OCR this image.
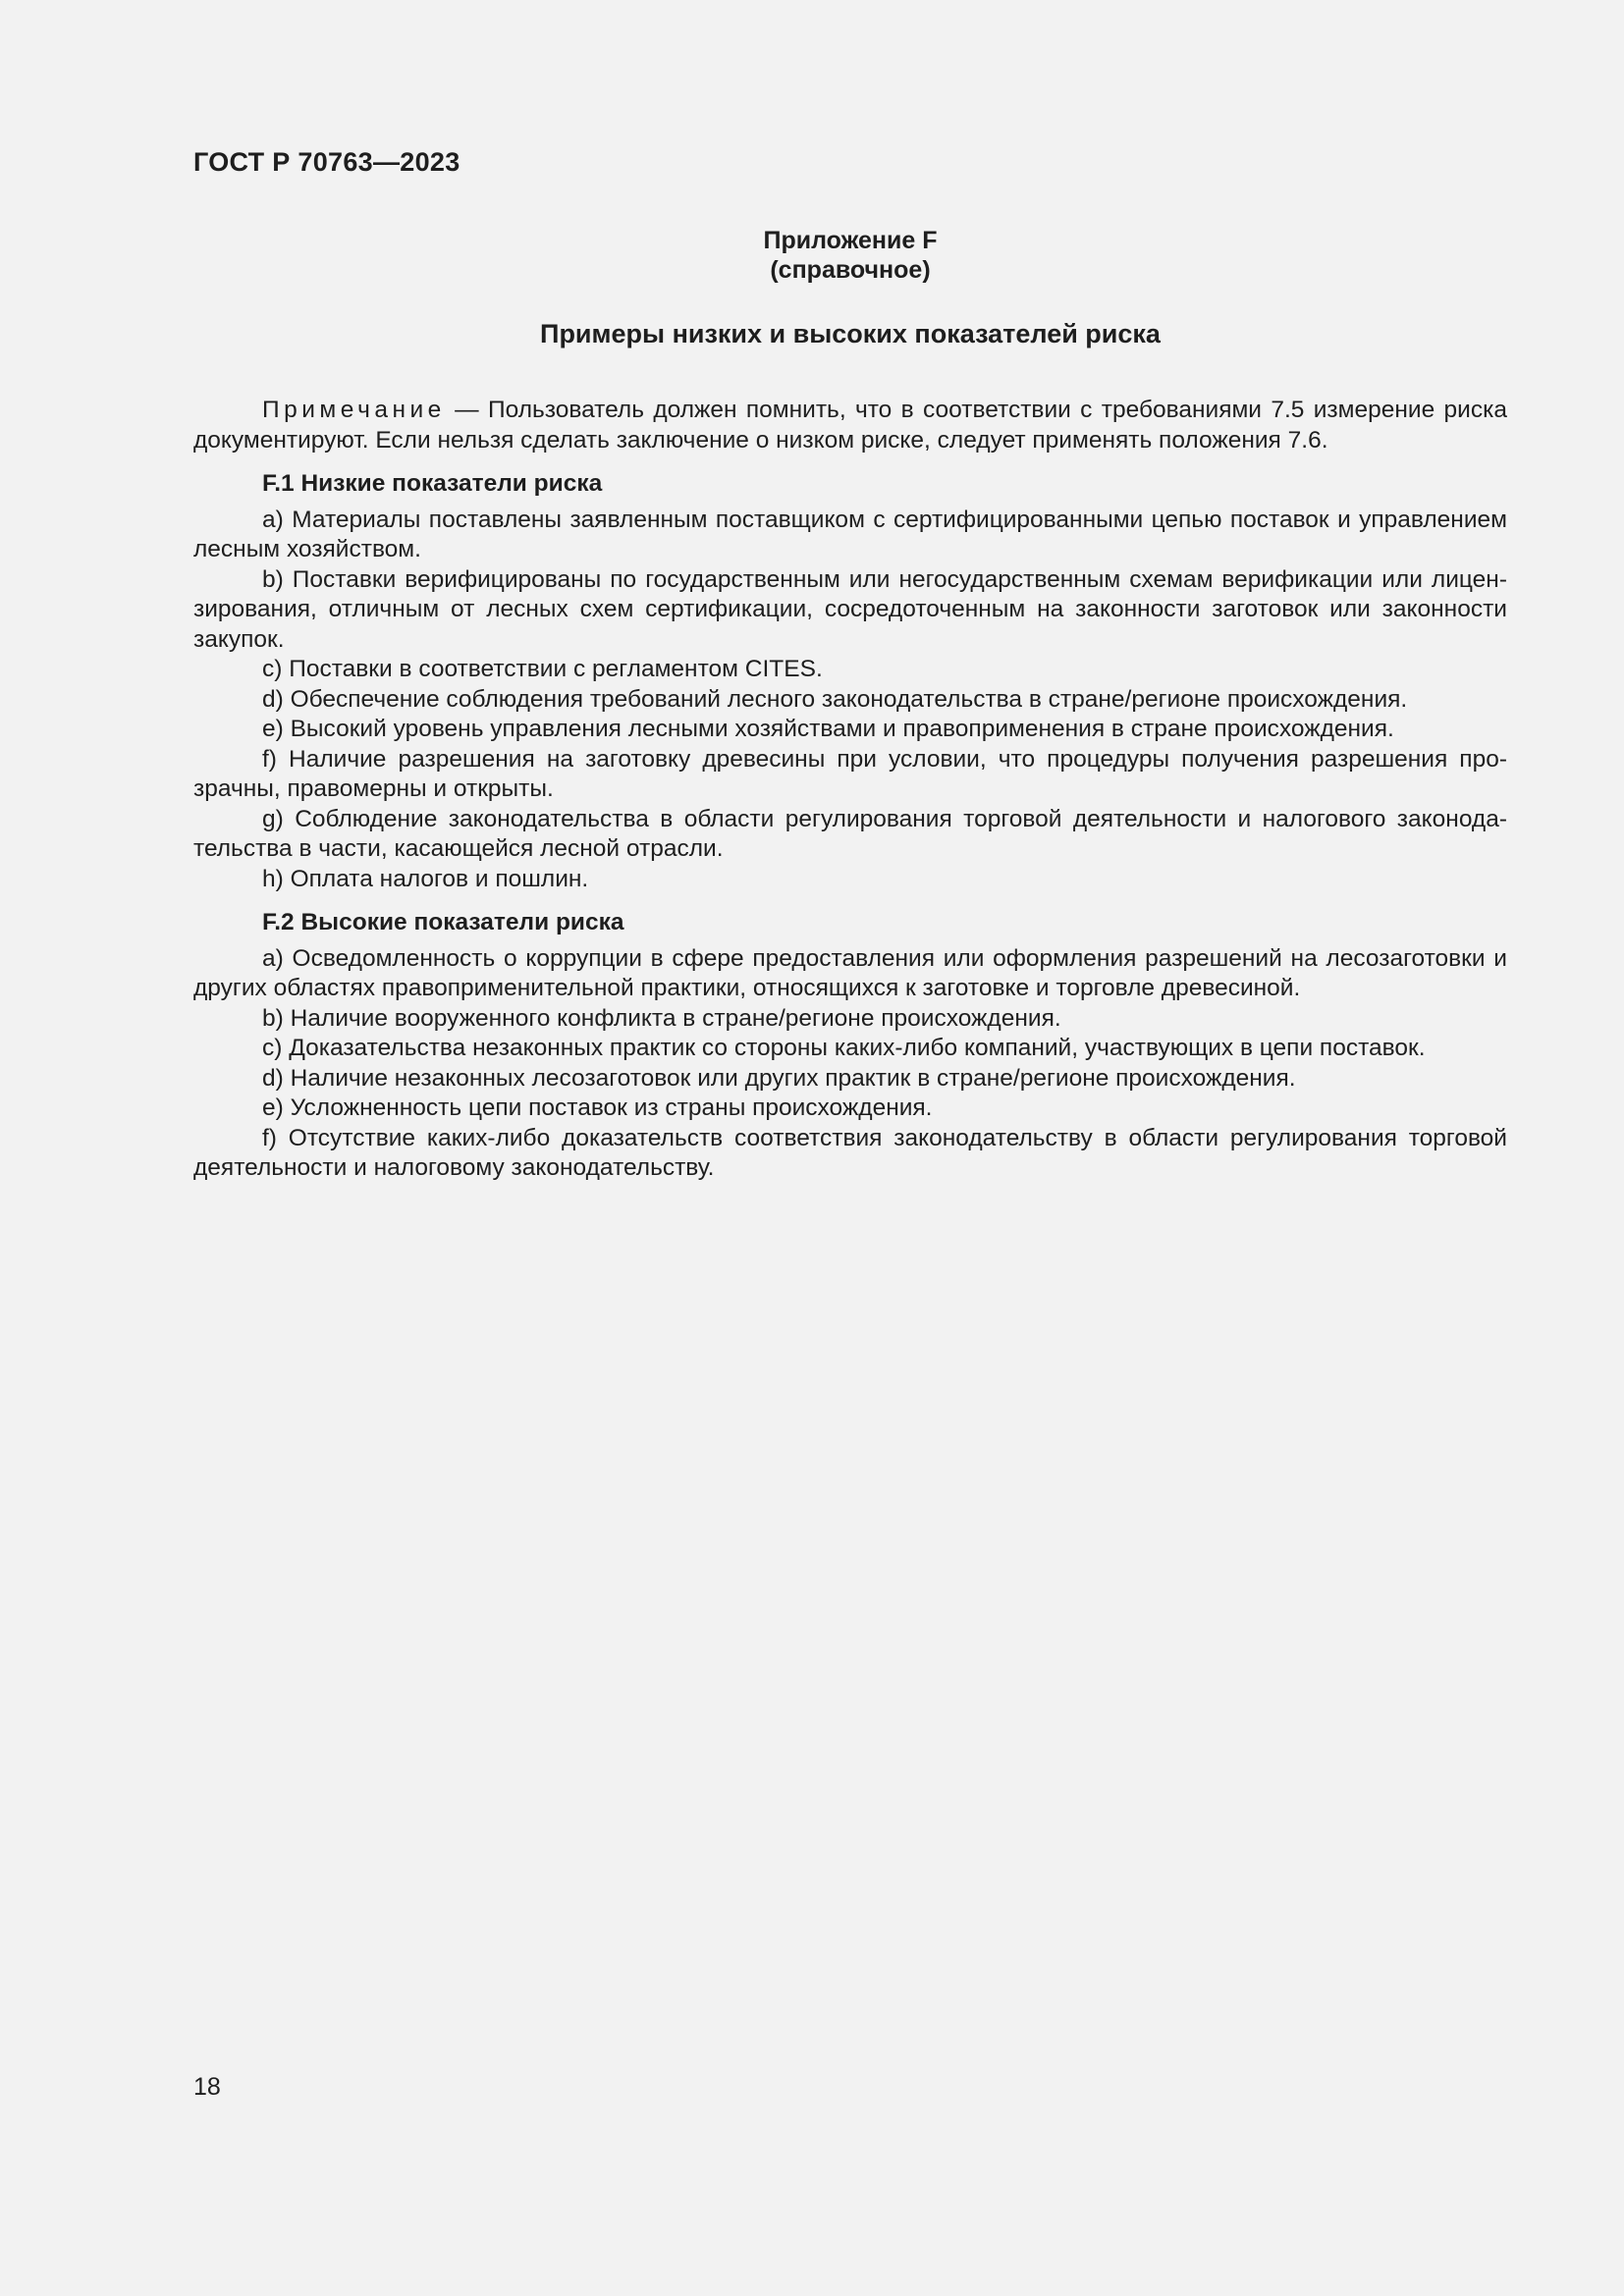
ГОСТ Р 70763—2023
Приложение F
(справочное)
Примеры низких и высоких показателей риска

Примечание — Пользователь должен помнить, что в соответствии с требованиями 7.5 измерение риска документируют. Если нельзя сделать заключение о низком риске, следует применять положения 7.6.

F.1 Низкие показатели риска

a) Материалы поставлены заявленным поставщиком с сертифицированными цепью поставок и управлением лесным хозяйством.

b) Поставки верифицированы по государственным или негосударственным схемам верификации или лицензирования, отличным от лесных схем сертификации, сосредоточенным на законности заготовок или законности закупок.

c) Поставки в соответствии с регламентом CITES.

d) Обеспечение соблюдения требований лесного законодательства в стране/регионе происхождения.

e) Высокий уровень управления лесными хозяйствами и правоприменения в стране происхождения.

f) Наличие разрешения на заготовку древесины при условии, что процедуры получения разрешения прозрачны, правомерны и открыты.

g) Соблюдение законодательства в области регулирования торговой деятельности и налогового законодательства в части, касающейся лесной отрасли.

h) Оплата налогов и пошлин.

F.2 Высокие показатели риска

a) Осведомленность о коррупции в сфере предоставления или оформления разрешений на лесозаготовки и других областях правоприменительной практики, относящихся к заготовке и торговле древесиной.

b) Наличие вооруженного конфликта в стране/регионе происхождения.

c) Доказательства незаконных практик со стороны каких-либо компаний, участвующих в цепи поставок.

d) Наличие незаконных лесозаготовок или других практик в стране/регионе происхождения.

e) Усложненность цепи поставок из страны происхождения.

f) Отсутствие каких-либо доказательств соответствия законодательству в области регулирования торговой деятельности и налоговому законодательству.

18
